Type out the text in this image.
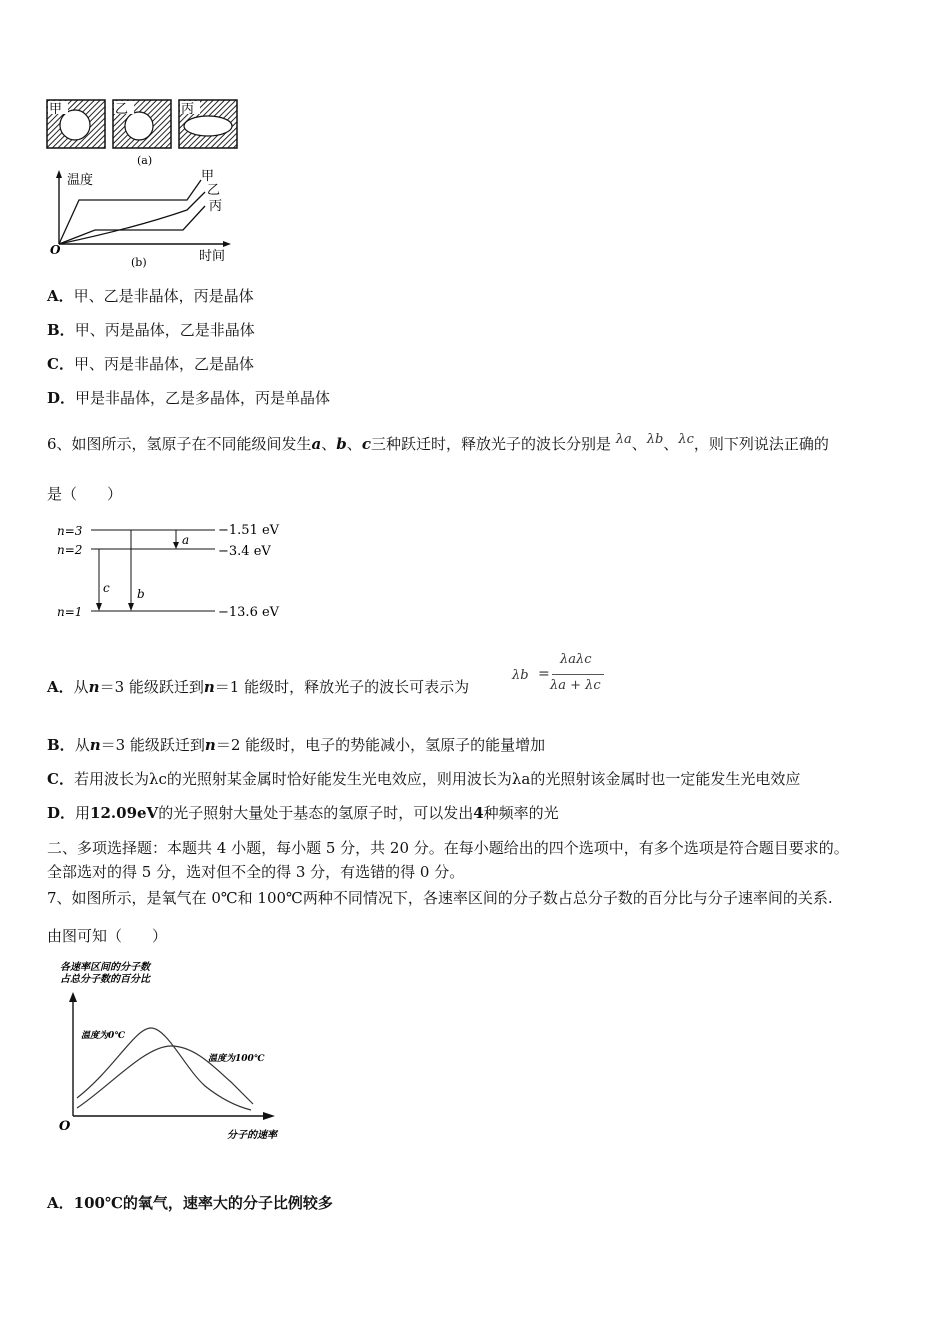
甲	乙	丙
(a)
温度	甲
乙
丙
O
(b)	时间
A．甲、乙是非晶体，丙是晶体
B．甲、丙是晶体，乙是非晶体
C．甲、丙是非晶体，乙是晶体
D．甲是非晶体，乙是多晶体，丙是单晶体
6、如图所示，氢原子在不同能级间发生a、b、c三种跃迁时，释放光子的波长分别是 λa、λb、λc，则下列说法正确的
是（　　）
n=3
n=2
n=1
−1.51 eV
−3.4 eV
−13.6 eV
a
b
c
A．从n＝3 能级跃迁到n＝1 能级时，释放光子的波长可表示为
λb =
λaλc
λa + λc
B．从n＝3 能级跃迁到n＝2 能级时，电子的势能减小，氢原子的能量增加
C．若用波长为λc的光照射某金属时恰好能发生光电效应，则用波长为λa的光照射该金属时也一定能发生光电效应
D．用12.09eV的光子照射大量处于基态的氢原子时，可以发出4种频率的光
二、多项选择题：本题共 4 小题，每小题 5 分，共 20 分。在每小题给出的四个选项中，有多个选项是符合题目要求的。
全部选对的得 5 分，选对但不全的得 3 分，有选错的得 0 分。
7、如图所示，是氧气在 0℃和 100℃两种不同情况下，各速率区间的分子数占总分子数的百分比与分子速率间的关系.
由图可知（　　）
各速率区间的分子数
占总分子数的百分比
温度为0℃
温度为100℃
O
分子的速率
A．100℃的氧气，速率大的分子比例较多
